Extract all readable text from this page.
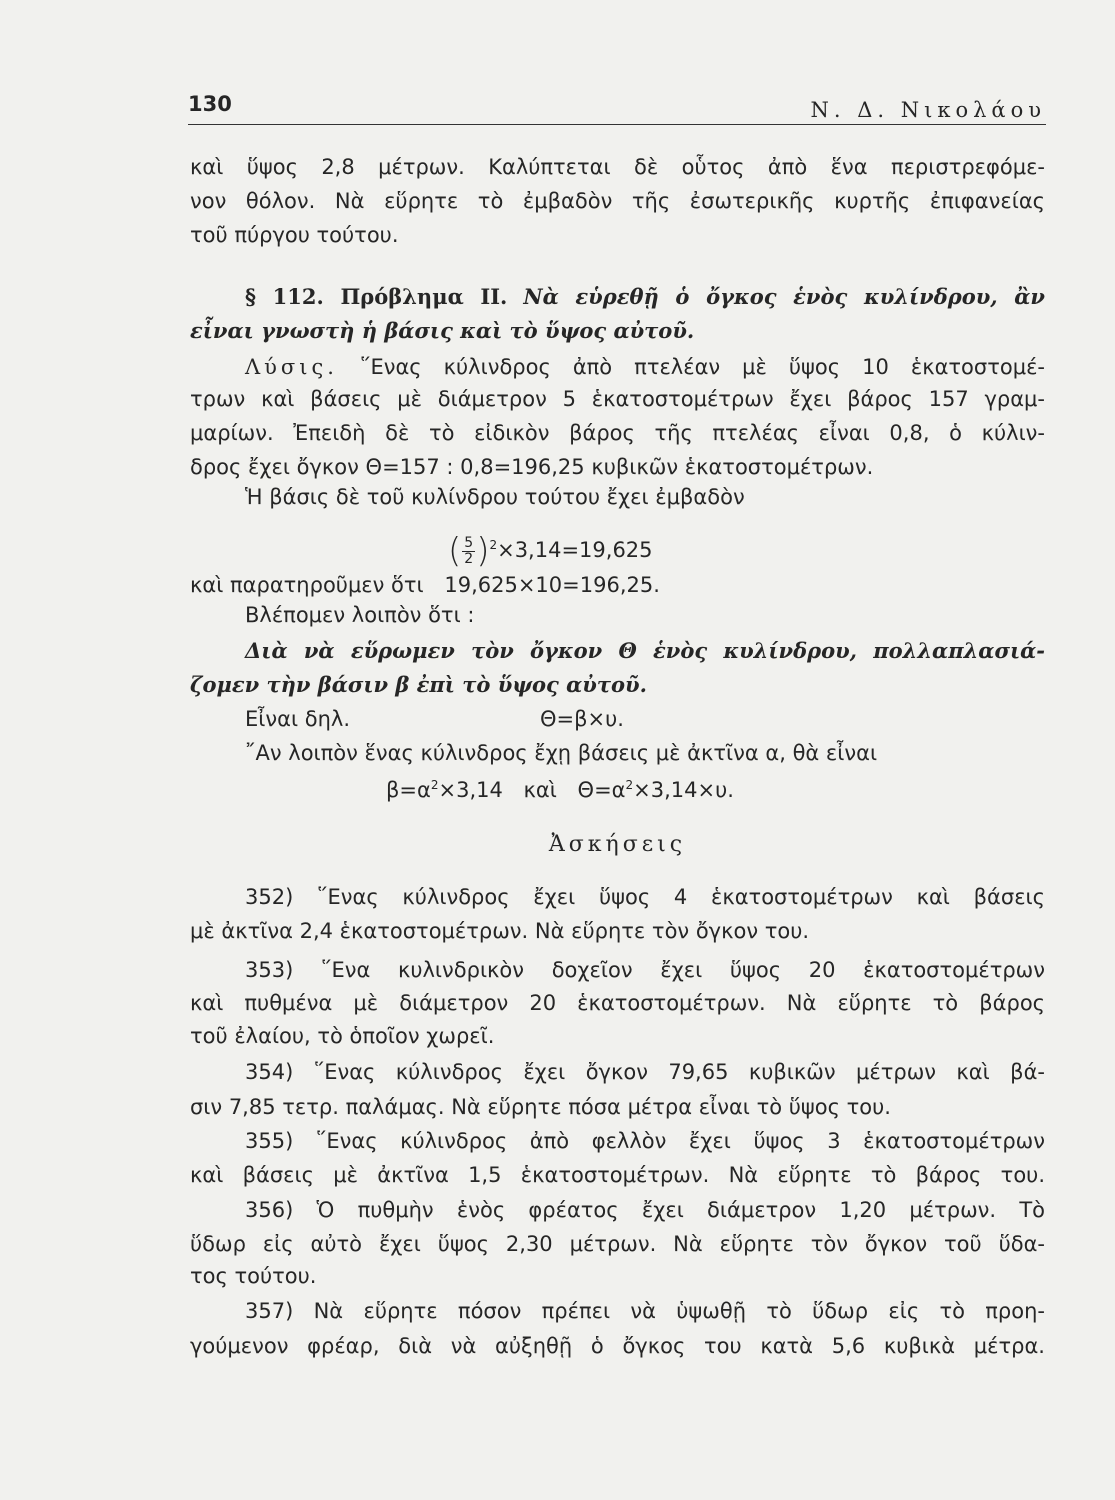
130	Ν. Δ. Νικολάου
καὶ ὕψος 2,8 μέτρων. Καλύπτεται δὲ οὗτος ἀπὸ ἕνα περιστρεφόμε-
νον θόλον. Νὰ εὕρητε τὸ ἐμβαδὸν τῆς ἐσωτερικῆς κυρτῆς ἐπιφανείας
τοῦ πύργου τούτου.
§ 112. Πρόβλημα ΙΙ. Νὰ εὑρεθῇ ὁ ὄγκος ἑνὸς κυλίνδρου, ἂν
εἶναι γνωστὴ ἡ βάσις καὶ τὸ ὕψος αὐτοῦ.
Λύσις. ῞Ενας κύλινδρος ἀπὸ πτελέαν μὲ ὕψος 10 ἑκατοστομέ-
τρων καὶ βάσεις μὲ διάμετρον 5 ἑκατοστομέτρων ἔχει βάρος 157 γραμ-
μαρίων. Ἐπειδὴ δὲ τὸ εἰδικὸν βάρος τῆς πτελέας εἶναι 0,8, ὁ κύλιν-
δρος ἔχει ὄγκον Θ=157 : 0,8=196,25 κυβικῶν ἑκατοστομέτρων.
Ἡ βάσις δὲ τοῦ κυλίνδρου τούτου ἔχει ἐμβαδὸν
( $\frac{5}{2} )^2\times 3,14=19,625$
καὶ παρατηροῦμεν ὅτι 19,625×10=196,25.
Βλέπομεν λοιπὸν ὅτι :
Διὰ νὰ εὕρωμεν τὸν ὄγκον Θ ἑνὸς κυλίνδρου, πολλαπλασιά-
ζομεν τὴν βάσιν β ἐπὶ τὸ ὕψος αὐτοῦ.
Εἶναι δηλ.	Θ=β×υ.
῎Αν λοιπὸν ἕνας κύλινδρος ἔχῃ βάσεις μὲ ἀκτῖνα α, θὰ εἶναι
$\beta=\alpha^2\times 3,14$ καὶ $\Theta=\alpha^2\times 3,14\times\upsilon$.
Ἀσκήσεις
352) ῞Ενας κύλινδρος ἔχει ὕψος 4 ἑκατοστομέτρων καὶ βάσεις
μὲ ἀκτῖνα 2,4 ἑκατοστομέτρων. Νὰ εὕρητε τὸν ὄγκον του.
353) ῞Ενα κυλινδρικὸν δοχεῖον ἔχει ὕψος 20 ἑκατοστομέτρων
καὶ πυθμένα μὲ διάμετρον 20 ἑκατοστομέτρων. Νὰ εὕρητε τὸ βάρος
τοῦ ἐλαίου, τὸ ὁποῖον χωρεῖ.
354) ῞Ενας κύλινδρος ἔχει ὄγκον 79,65 κυβικῶν μέτρων καὶ βά-
σιν 7,85 τετρ. παλάμας. Νὰ εὕρητε πόσα μέτρα εἶναι τὸ ὕψος του.
355) ῞Ενας κύλινδρος ἀπὸ φελλὸν ἔχει ὕψος 3 ἑκατοστομέτρων
καὶ βάσεις μὲ ἀκτῖνα 1,5 ἑκατοστομέτρων. Νὰ εὕρητε τὸ βάρος του.
356) Ὁ πυθμὴν ἑνὸς φρέατος ἔχει διάμετρον 1,20 μέτρων. Τὸ
ὕδωρ εἰς αὐτὸ ἔχει ὕψος 2,30 μέτρων. Νὰ εὕρητε τὸν ὄγκον τοῦ ὕδα-
τος τούτου.
357) Νὰ εὕρητε πόσον πρέπει νὰ ὑψωθῇ τὸ ὕδωρ εἰς τὸ προη-
γούμενον φρέαρ, διὰ νὰ αὐξηθῇ ὁ ὄγκος του κατὰ 5,6 κυβικὰ μέτρα.
